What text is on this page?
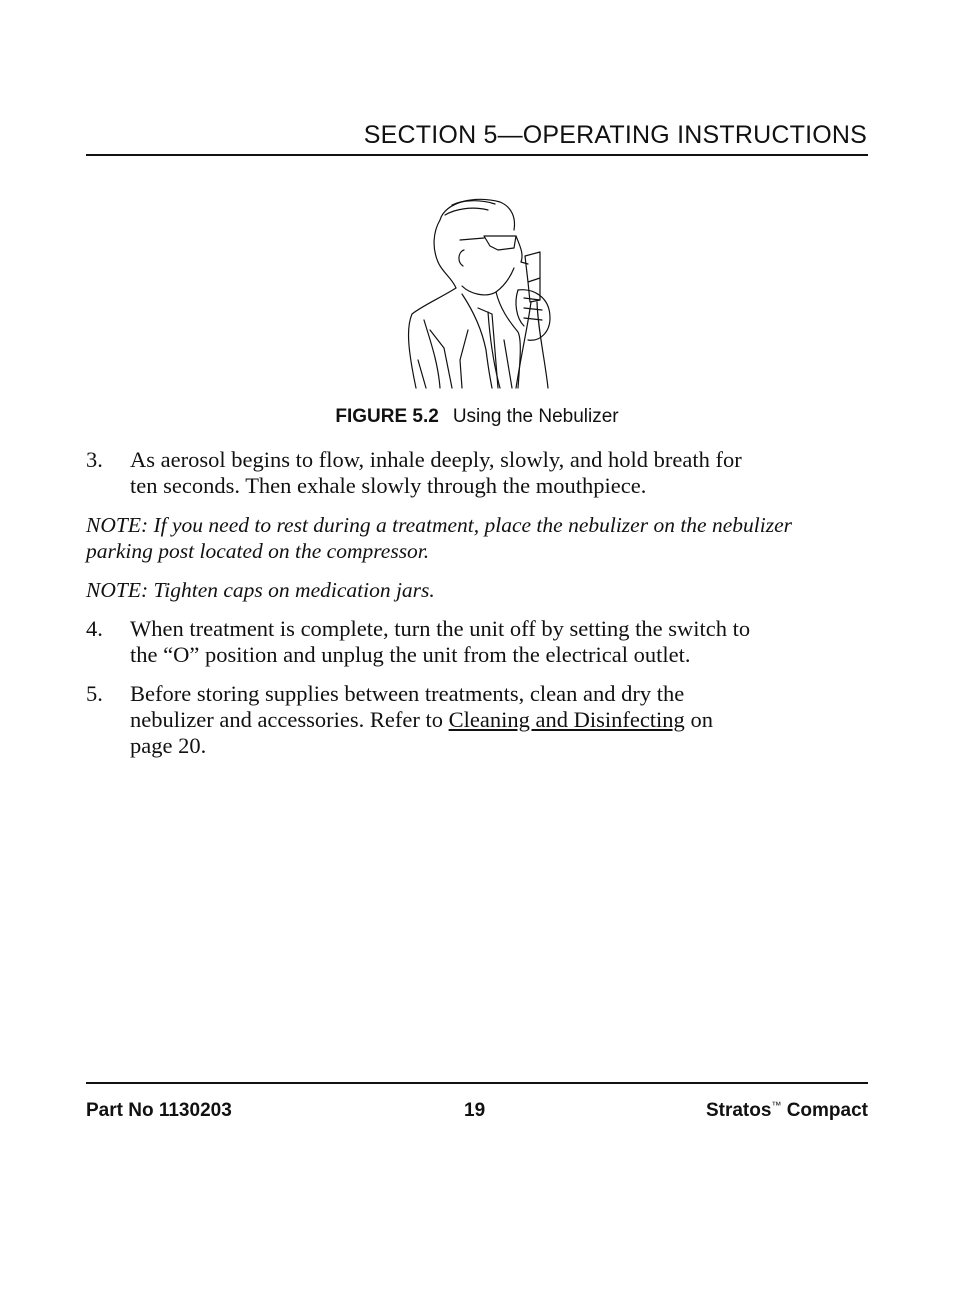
SECTION 5—OPERATING INSTRUCTIONS
FIGURE 5.2 Using the Nebulizer
3. As aerosol begins to flow, inhale deeply, slowly, and hold breath for
ten seconds. Then exhale slowly through the mouthpiece.
NOTE: If you need to rest during a treatment, place the nebulizer on the nebulizer
parking post located on the compressor.
NOTE: Tighten caps on medication jars.
4. When treatment is complete, turn the unit off by setting the switch to
the “O” position and unplug the unit from the electrical outlet.
5. Before storing supplies between treatments, clean and dry the
nebulizer and accessories. Refer to Cleaning and Disinfecting on
page 20.
Part No 1130203	19	Stratos™ Compact
